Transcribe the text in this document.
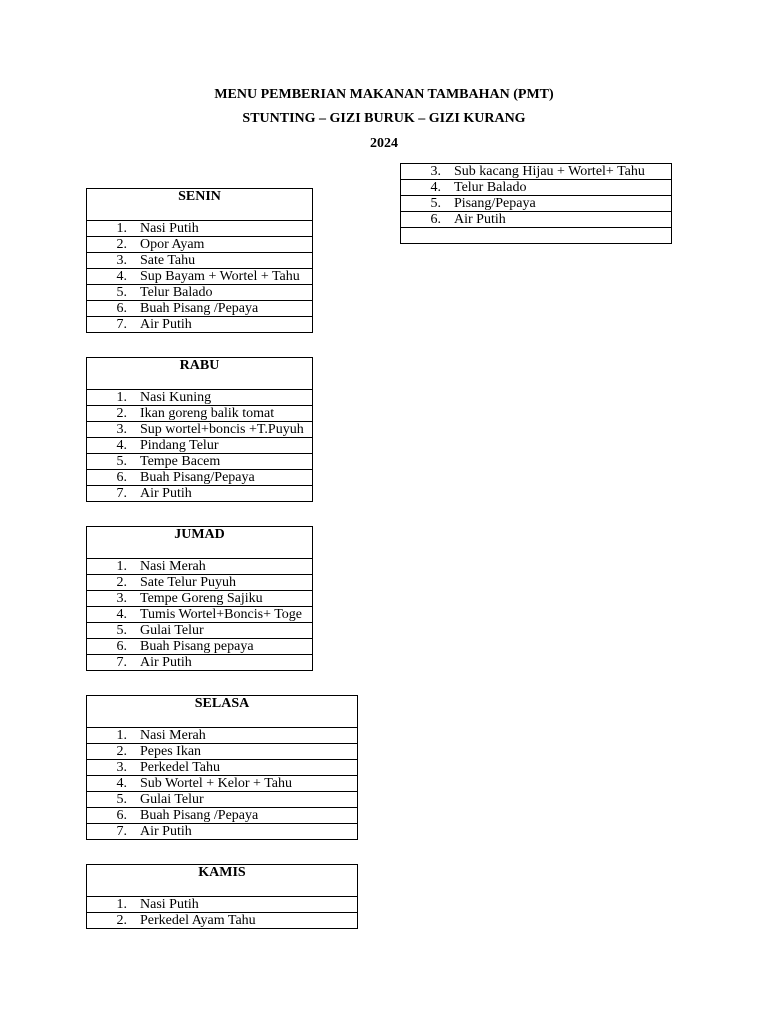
MENU PEMBERIAN MAKANAN TAMBAHAN (PMT)
STUNTING – GIZI BURUK – GIZI KURANG
2024
SENIN
1. Nasi Putih
2. Opor Ayam
3. Sate Tahu
4. Sup Bayam + Wortel + Tahu
5. Telur Balado
6. Buah Pisang /Pepaya
7. Air Putih
RABU
1. Nasi Kuning
2. Ikan goreng balik tomat
3. Sup wortel+boncis +T.Puyuh
4. Pindang Telur
5. Tempe Bacem
6. Buah Pisang/Pepaya
7. Air Putih
JUMAD
1. Nasi Merah
2. Sate Telur Puyuh
3. Tempe Goreng Sajiku
4. Tumis Wortel+Boncis+ Toge
5. Gulai Telur
6. Buah Pisang pepaya
7. Air Putih
SELASA
1. Nasi Merah
2. Pepes Ikan
3. Perkedel Tahu
4. Sub Wortel + Kelor + Tahu
5. Gulai Telur
6. Buah Pisang /Pepaya
7. Air Putih
KAMIS
1. Nasi Putih
2. Perkedel Ayam Tahu
3. Sub kacang Hijau + Wortel+ Tahu
4. Telur Balado
5. Pisang/Pepaya
6. Air Putih
